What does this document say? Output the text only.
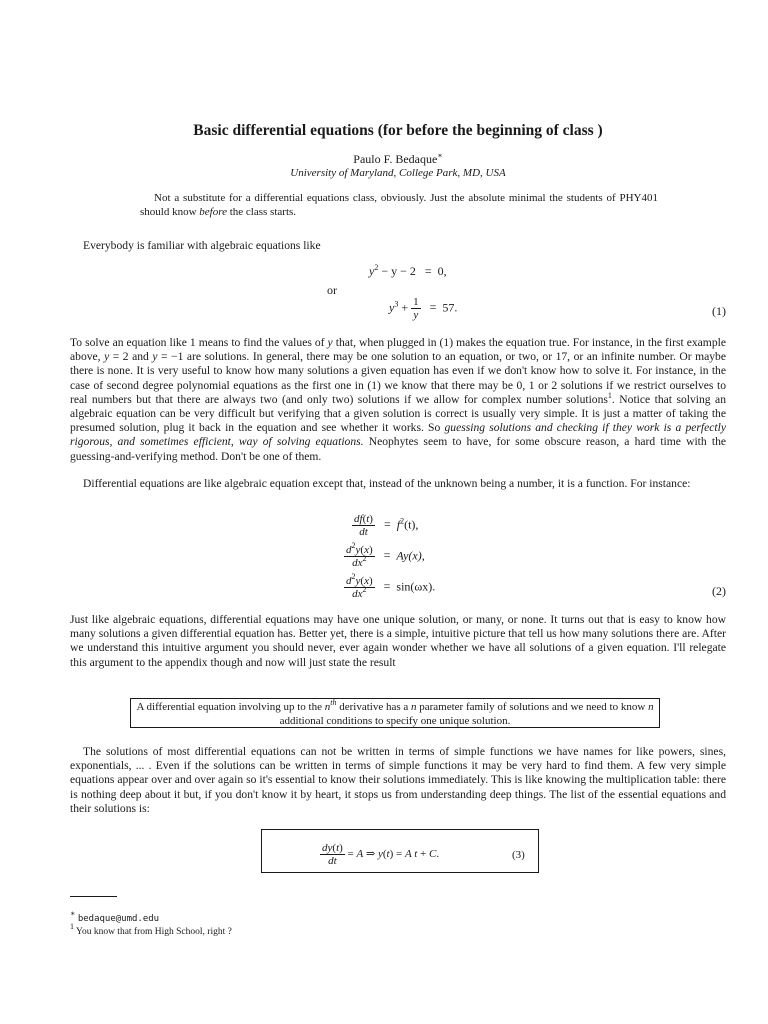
Basic differential equations (for before the beginning of class )
Paulo F. Bedaque∗
University of Maryland, College Park, MD, USA
Not a substitute for a differential equations class, obviously. Just the absolute minimal the students of PHY401 should know before the class starts.

Everybody is familiar with algebraic equations like

$y^2 - y - 2 = 0$,
or
$y^3 + \frac{1}{y} = 57$.	(1)

To solve an equation like 1 means to find the values of y that, when plugged in (1) makes the equation true. For instance, in the first example above, y = 2 and y = −1 are solutions. In general, there may be one solution to an equation, or two, or 17, or an infinite number. Or maybe there is none. It is very useful to know how many solutions a given equation has even if we don't know how to solve it. For instance, in the case of second degree polynomial equations as the first one in (1) we know that there may be 0, 1 or 2 solutions if we restrict ourselves to real numbers but that there are always two (and only two) solutions if we allow for complex number solutions$^1$. Notice that solving an algebraic equation can be very difficult but verifying that a given solution is correct is usually very simple. It is just a matter of taking the presumed solution, plug it back in the equation and see whether it works. So guessing solutions and checking if they work is a perfectly rigorous, and sometimes efficient, way of solving equations. Neophytes seem to have, for some obscure reason, a hard time with the guessing-and-verifying method. Don't be one of them.

Differential equations are like algebraic equation except that, instead of the unknown being a number, it is a function. For instance:

$\frac{df(t)}{dt} = f^2(t)$,
$\frac{d^2y(x)}{dx^2} = Ay(x)$,
$\frac{d^2y(x)}{dx^2} = \sin(\omega x)$.	(2)

Just like algebraic equations, differential equations may have one unique solution, or many, or none. It turns out that is easy to know how many solutions a given differential equation has. Better yet, there is a simple, intuitive picture that tell us how many solutions there are. After we understand this intuitive argument you should never, ever again wonder whether we have all solutions of a given equation. I'll relegate this argument to the appendix though and now will just state the result

A differential equation involving up to the $n^{th}$ derivative has a n parameter family of solutions and we need to know n additional conditions to specify one unique solution.

The solutions of most differential equations can not be written in terms of simple functions we have names for like powers, sines, exponentials, ... . Even if the solutions can be written in terms of simple functions it may be very hard to find them. A few very simple equations appear over and over again so it's essential to know their solutions immediately. This is like knowing the multiplication table: there is nothing deep about it but, if you don't know it by heart, it stops us from understanding deep things. The list of the essential equations and their solutions is:

$\frac{dy(t)}{dt} = A$ ⇒ y(t) = A t + C.	(3)
∗ bedaque@umd.edu
$^1$ You know that from High School, right ?
